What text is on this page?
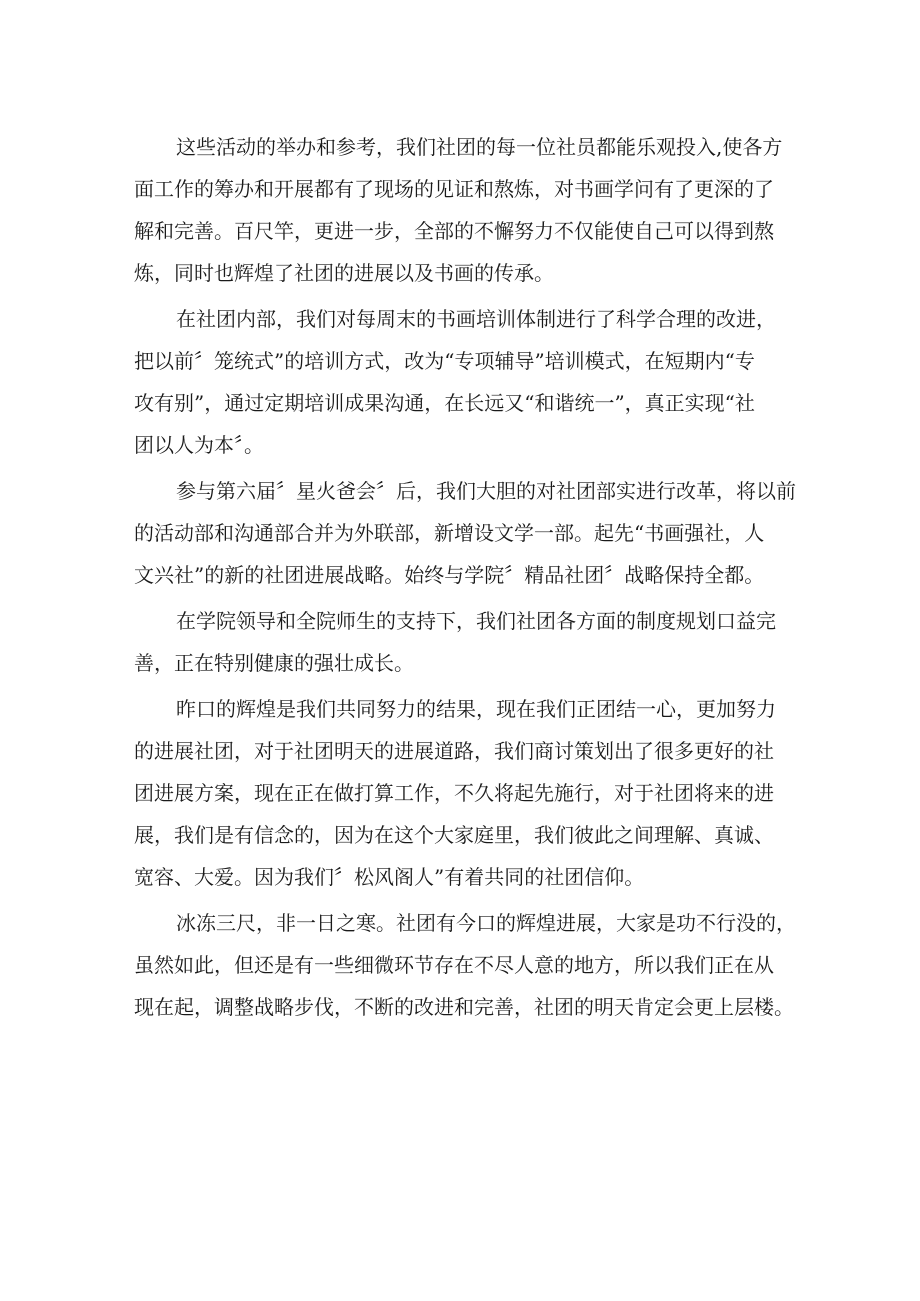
这些活动的举办和参考，我们社团的每一位社员都能乐观投入,使各方
面工作的筹办和开展都有了现场的见证和熬炼，对书画学问有了更深的了
解和完善。百尺竿，更进一步，全部的不懈努力不仅能使自己可以得到熬
炼，同时也辉煌了社团的进展以及书画的传承。
在社团内部，我们对每周末的书画培训体制进行了科学合理的改进，
把以前〞笼统式”的培训方式，改为“专项辅导”培训模式，在短期内“专
攻有别”，通过定期培训成果沟通，在长远又“和谐统一”，真正实现“社
团以人为本〞。
参与第六届〞星火爸会〞后，我们大胆的对社团部实进行改革，将以前
的活动部和沟通部合并为外联部，新增设文学一部。起先“书画强社，人
文兴社”的新的社团进展战略。始终与学院〞精品社团〞战略保持全都。
在学院领导和全院师生的支持下，我们社团各方面的制度规划口益完
善，正在特别健康的强壮成长。
昨口的辉煌是我们共同努力的结果，现在我们正团结一心，更加努力
的进展社团，对于社团明天的进展道路，我们商讨策划出了很多更好的社
团进展方案，现在正在做打算工作，不久将起先施行，对于社团将来的进
展，我们是有信念的，因为在这个大家庭里，我们彼此之间理解、真诚、
宽容、大爱。因为我们〞松风阁人”有着共同的社团信仰。
冰冻三尺，非一日之寒。社团有今口的辉煌进展，大家是功不行没的，
虽然如此，但还是有一些细微环节存在不尽人意的地方，所以我们正在从
现在起，调整战略步伐，不断的改进和完善，社团的明天肯定会更上层楼。
